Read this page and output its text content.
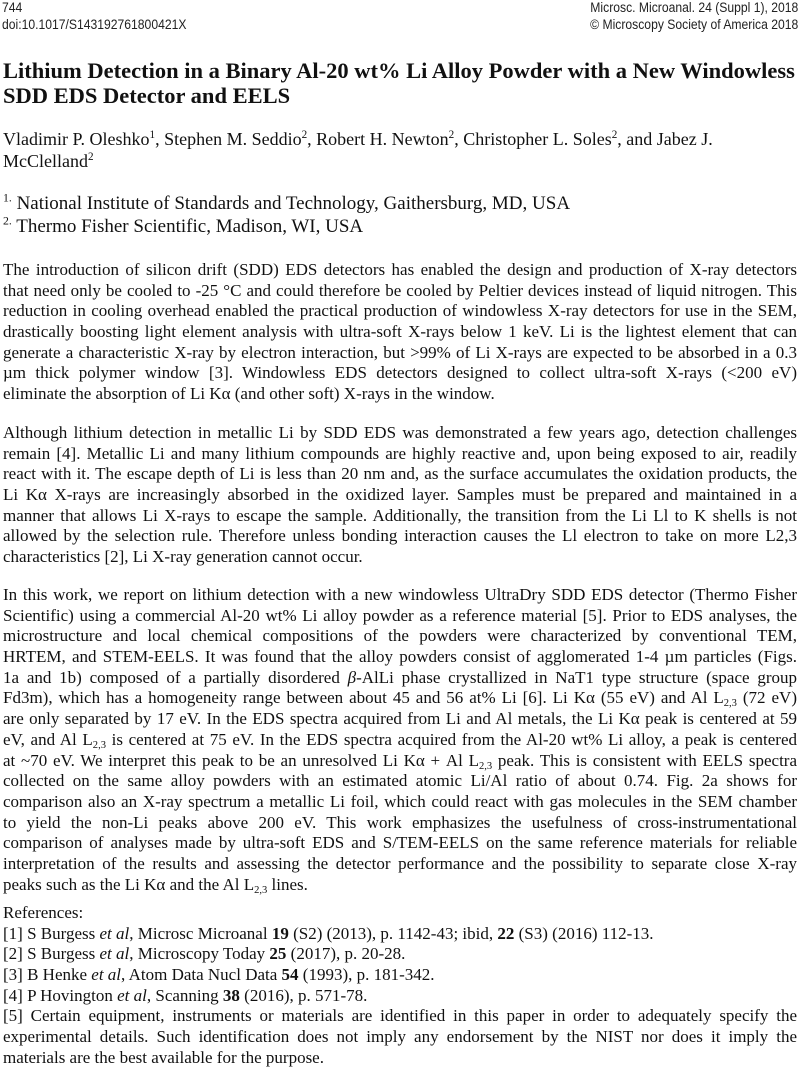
744
doi:10.1017/S143192761800421X
Microsc. Microanal. 24 (Suppl 1), 2018
© Microscopy Society of America 2018
Lithium Detection in a Binary Al-20 wt% Li Alloy Powder with a New Windowless
SDD EDS Detector and EELS
Vladimir P. Oleshko$^1$, Stephen M. Seddio$^2$, Robert H. Newton$^2$, Christopher L. Soles$^2$, and Jabez J. McClelland$^2$
$^{1.}$ National Institute of Standards and Technology, Gaithersburg, MD, USA
$^{2.}$ Thermo Fisher Scientific, Madison, WI, USA
The introduction of silicon drift (SDD) EDS detectors has enabled the design and production of X-ray detectors
that need only be cooled to -25 °C and could therefore be cooled by Peltier devices instead of liquid nitrogen. This
reduction in cooling overhead enabled the practical production of windowless X-ray detectors for use in the SEM,
drastically boosting light element analysis with ultra-soft X-rays below 1 keV. Li is the lightest element that can
generate a characteristic X-ray by electron interaction, but >99% of Li X-rays are expected to be absorbed in a 0.3
µm thick polymer window [3]. Windowless EDS detectors designed to collect ultra-soft X-rays (<200 eV)
eliminate the absorption of Li Kα (and other soft) X-rays in the window.
Although lithium detection in metallic Li by SDD EDS was demonstrated a few years ago, detection challenges
remain [4]. Metallic Li and many lithium compounds are highly reactive and, upon being exposed to air, readily
react with it. The escape depth of Li is less than 20 nm and, as the surface accumulates the oxidation products, the
Li Kα X-rays are increasingly absorbed in the oxidized layer. Samples must be prepared and maintained in a
manner that allows Li X-rays to escape the sample. Additionally, the transition from the Li Ll to K shells is not
allowed by the selection rule. Therefore unless bonding interaction causes the Ll electron to take on more L2,3
characteristics [2], Li X-ray generation cannot occur.
In this work, we report on lithium detection with a new windowless UltraDry SDD EDS detector (Thermo Fisher
Scientific) using a commercial Al-20 wt% Li alloy powder as a reference material [5]. Prior to EDS analyses, the
microstructure and local chemical compositions of the powders were characterized by conventional TEM,
HRTEM, and STEM-EELS. It was found that the alloy powders consist of agglomerated 1-4 µm particles (Figs.
1a and 1b) composed of a partially disordered β-AlLi phase crystallized in NaT1 type structure (space group
Fd3m), which has a homogeneity range between about 45 and 56 at% Li [6]. Li Kα (55 eV) and Al $L_{2,3}$ (72 eV)
are only separated by 17 eV. In the EDS spectra acquired from Li and Al metals, the Li Kα peak is centered at 59
eV, and Al $L_{2,3}$ is centered at 75 eV. In the EDS spectra acquired from the Al-20 wt% Li alloy, a peak is centered
at ~70 eV. We interpret this peak to be an unresolved Li Kα + Al $L_{2,3}$ peak. This is consistent with EELS spectra
collected on the same alloy powders with an estimated atomic Li/Al ratio of about 0.74. Fig. 2a shows for
comparison also an X-ray spectrum a metallic Li foil, which could react with gas molecules in the SEM chamber
to yield the non-Li peaks above 200 eV. This work emphasizes the usefulness of cross-instrumentational
comparison of analyses made by ultra-soft EDS and S/TEM-EELS on the same reference materials for reliable
interpretation of the results and assessing the detector performance and the possibility to separate close X-ray
peaks such as the Li Kα and the Al $L_{2,3}$ lines.
References:
[1] S Burgess et al, Microsc Microanal 19 (S2) (2013), p. 1142-43; ibid, 22 (S3) (2016) 112-13.
[2] S Burgess et al, Microscopy Today 25 (2017), p. 20-28.
[3] B Henke et al, Atom Data Nucl Data 54 (1993), p. 181-342.
[4] P Hovington et al, Scanning 38 (2016), p. 571-78.
[5] Certain equipment, instruments or materials are identified in this paper in order to adequately specify the
experimental details. Such identification does not imply any endorsement by the NIST nor does it imply the
materials are the best available for the purpose.
